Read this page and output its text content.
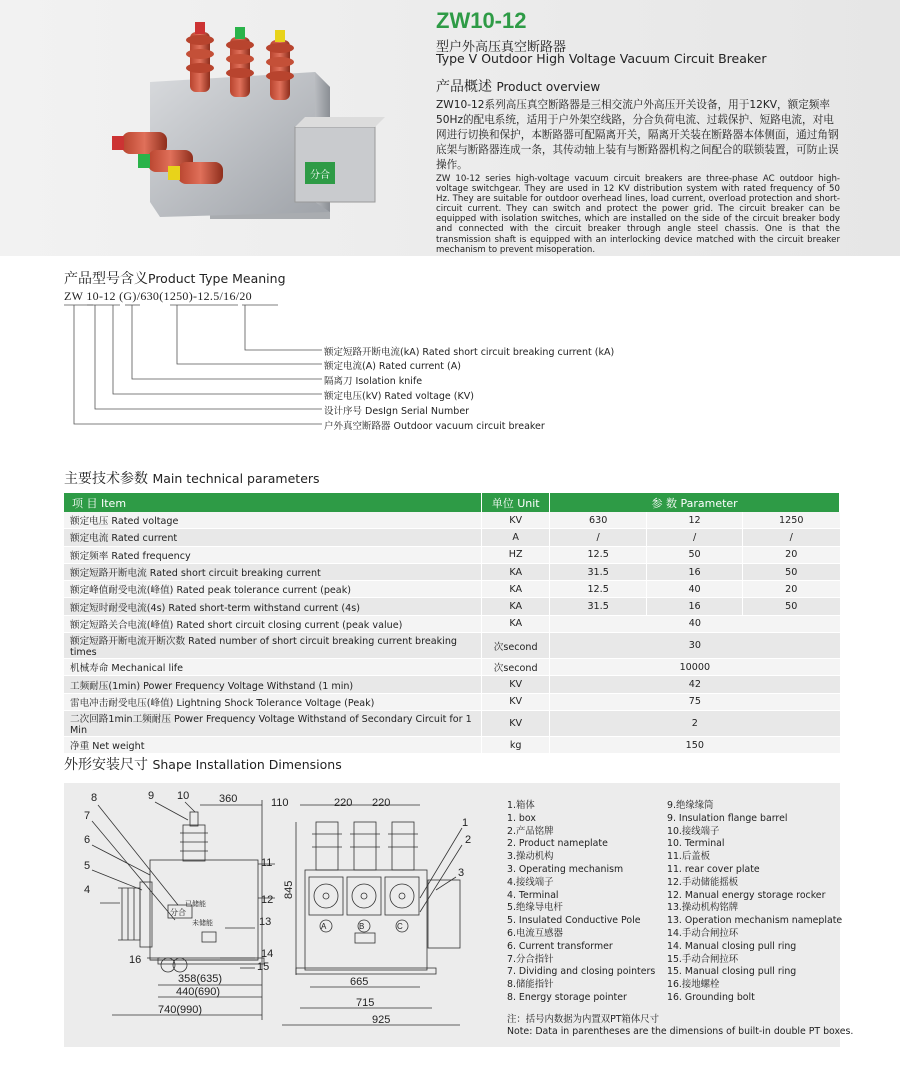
分合
ZW10-12
型户外高压真空断路器
Type V Outdoor High Voltage Vacuum Circuit Breaker
产品概述 Product overview
ZW10-12系列高压真空断路器是三相交流户外高压开关设备，用于12KV，额定频率50Hz的配电系统，适用于户外架空线路，分合负荷电流、过载保护、短路电流，对电网进行切换和保护，本断路器可配隔离开关，隔离开关装在断路器本体侧面，通过角钢底架与断路器连成一条，其传动轴上装有与断路器机构之间配合的联锁装置，可防止误操作。
ZW 10-12 series high-voltage vacuum circuit breakers are three-phase AC outdoor high-voltage switchgear. They are used in 12 KV distribution system with rated frequency of 50 Hz. They are suitable for outdoor overhead lines, load current, overload protection and short-circuit current. They can switch and protect the power grid. The circuit breaker can be equipped with isolation switches, which are installed on the side of the circuit breaker body and connected with the circuit breaker through angle steel chassis. One is that the transmission shaft is equipped with an interlocking device matched with the circuit breaker mechanism to prevent misoperation.
产品型号含义Product Type Meaning
ZW 10-12 (G)/630(1250)-12.5/16/20
额定短路开断电流(kA) Rated short circuit breaking current (kA)
额定电流(A) Rated current (A)
隔离刀 Isolation knife
额定电压(kV) Rated voltage (KV)
设计序号 DesIgn Serial Number
户外真空断路器 Outdoor vacuum circuit breaker
主要技术参数 Main technical parameters
项 目 Item	单位 Unit	参 数 Parameter		
额定电压 Rated voltage	KV	630	12	1250
额定电流 Rated current	A	/	/	/
额定频率 Rated frequency	HZ	12.5	50	20
额定短路开断电流 Rated short circuit breaking current	KA	31.5	16	50
额定峰值耐受电流(峰值) Rated peak tolerance current (peak)	KA	12.5	40	20
额定短时耐受电流(4s) Rated short-term withstand current (4s)	KA	31.5	16	50
额定短路关合电流(峰值) Rated short circuit closing current (peak value)	KA	40		
额定短路开断电流开断次数 Rated number of short circuit breaking current breaking times	次second	30		
机械寿命 Mechanical life	次second	10000		
工频耐压(1min) Power Frequency Voltage Withstand (1 min)	KV	42		
雷电冲击耐受电压(峰值) Lightning Shock Tolerance Voltage (Peak)	KV	75		
二次回路1min工频耐压 Power Frequency Voltage Withstand of Secondary Circuit for 1 Min	KV	2		
净重 Net weight	kg	150		
外形安装尺寸 Shape Installation Dimensions
8	9 10	360
7
6
5
4
11
12
13
14
15
16
358(635)
440(690)
740(990)
已储能
分合
未储能
110	220 220
845
1
2
3
665
715
925
A	B	C
1.箱体
1. box
2.产品铭牌
2. Product nameplate
3.操动机构
3. Operating mechanism
4.接线端子
4. Terminal
5.绝缘导电杆
5. Insulated Conductive Pole
6.电流互感器
6. Current transformer
7.分合指针
7. Dividing and closing pointers
8.储能指针
8. Energy storage pointer
9.绝缘缘筒
9. Insulation flange barrel
10.接线端子
10. Terminal
11.后盖板
11. rear cover plate
12.手动储能摇板
12. Manual energy storage rocker
13.操动机构铭牌
13. Operation mechanism nameplate
14.手动合闸拉环
14. Manual closing pull ring
15.手动合闸拉环
15. Manual closing pull ring
16.接地螺栓
16. Grounding bolt
注：括号内数据为内置双PT箱体尺寸
Note: Data in parentheses are the dimensions of built-in double PT boxes.
